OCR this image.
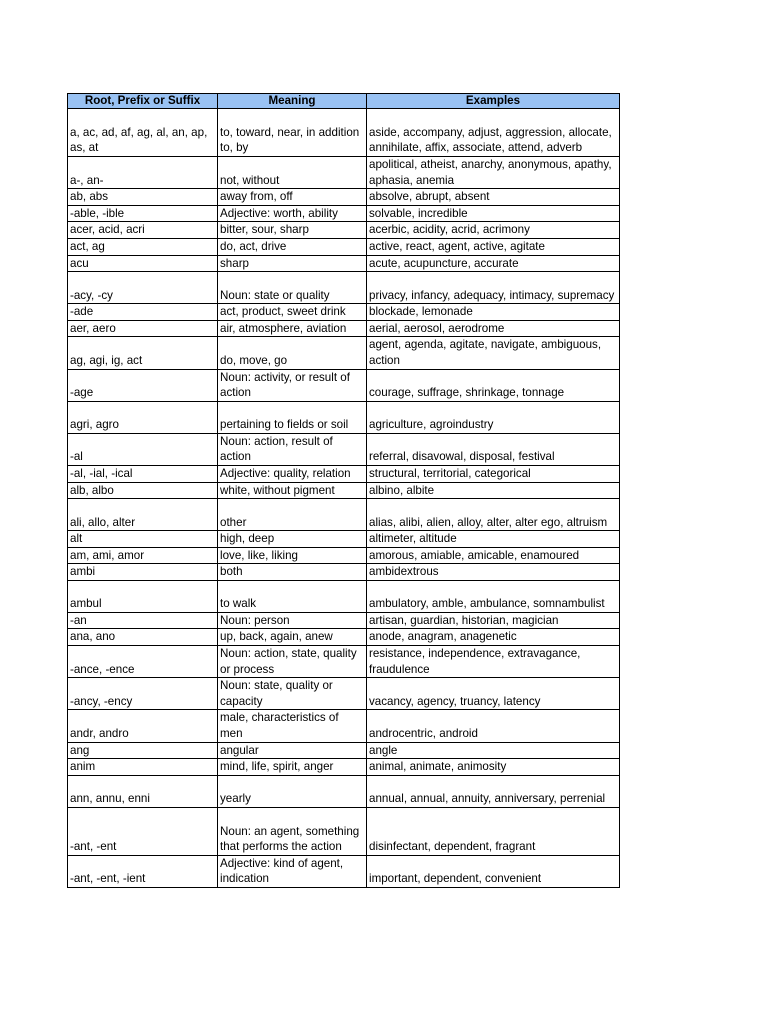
Root, Prefix or Suffix	Meaning	Examples
a, ac, ad, af, ag, al, an, ap, as, at	to, toward, near, in addition to, by	aside, accompany, adjust, aggression, allocate, annihilate, affix, associate, attend, adverb
a-, an-	not, without	apolitical, atheist, anarchy, anonymous, apathy, aphasia, anemia
ab, abs	away from, off	absolve, abrupt, absent
-able, -ible	Adjective: worth, ability	solvable, incredible
acer, acid, acri	bitter, sour, sharp	acerbic, acidity, acrid, acrimony
act, ag	do, act, drive	active, react, agent, active, agitate
acu	sharp	acute, acupuncture, accurate
-acy, -cy	Noun: state or quality	privacy, infancy, adequacy, intimacy, supremacy
-ade	act, product, sweet drink	blockade, lemonade
aer, aero	air, atmosphere, aviation	aerial, aerosol, aerodrome
ag, agi, ig, act	do, move, go	agent, agenda, agitate, navigate, ambiguous, action
-age	Noun: activity, or result of action	courage, suffrage, shrinkage, tonnage
agri, agro	pertaining to fields or soil	agriculture, agroindustry
-al	Noun: action, result of action	referral, disavowal, disposal, festival
-al, -ial, -ical	Adjective: quality, relation	structural, territorial, categorical
alb, albo	white, without pigment	albino, albite
ali, allo, alter	other	alias, alibi, alien, alloy, alter, alter ego, altruism
alt	high, deep	altimeter, altitude
am, ami, amor	love, like, liking	amorous, amiable, amicable, enamoured
ambi	both	ambidextrous
ambul	to walk	ambulatory, amble, ambulance, somnambulist
-an	Noun: person	artisan, guardian, historian, magician
ana, ano	up, back, again, anew	anode, anagram, anagenetic
-ance, -ence	Noun: action, state, quality or process	resistance, independence, extravagance, fraudulence
-ancy, -ency	Noun: state, quality or capacity	vacancy, agency, truancy, latency
andr, andro	male, characteristics of men	androcentric, android
ang	angular	angle
anim	mind, life, spirit, anger	animal, animate, animosity
ann, annu, enni	yearly	annual, annual, annuity, anniversary, perrenial
-ant, -ent	Noun: an agent, something that performs the action	disinfectant, dependent, fragrant
-ant, -ent, -ient	Adjective: kind of agent, indication	important, dependent, convenient
